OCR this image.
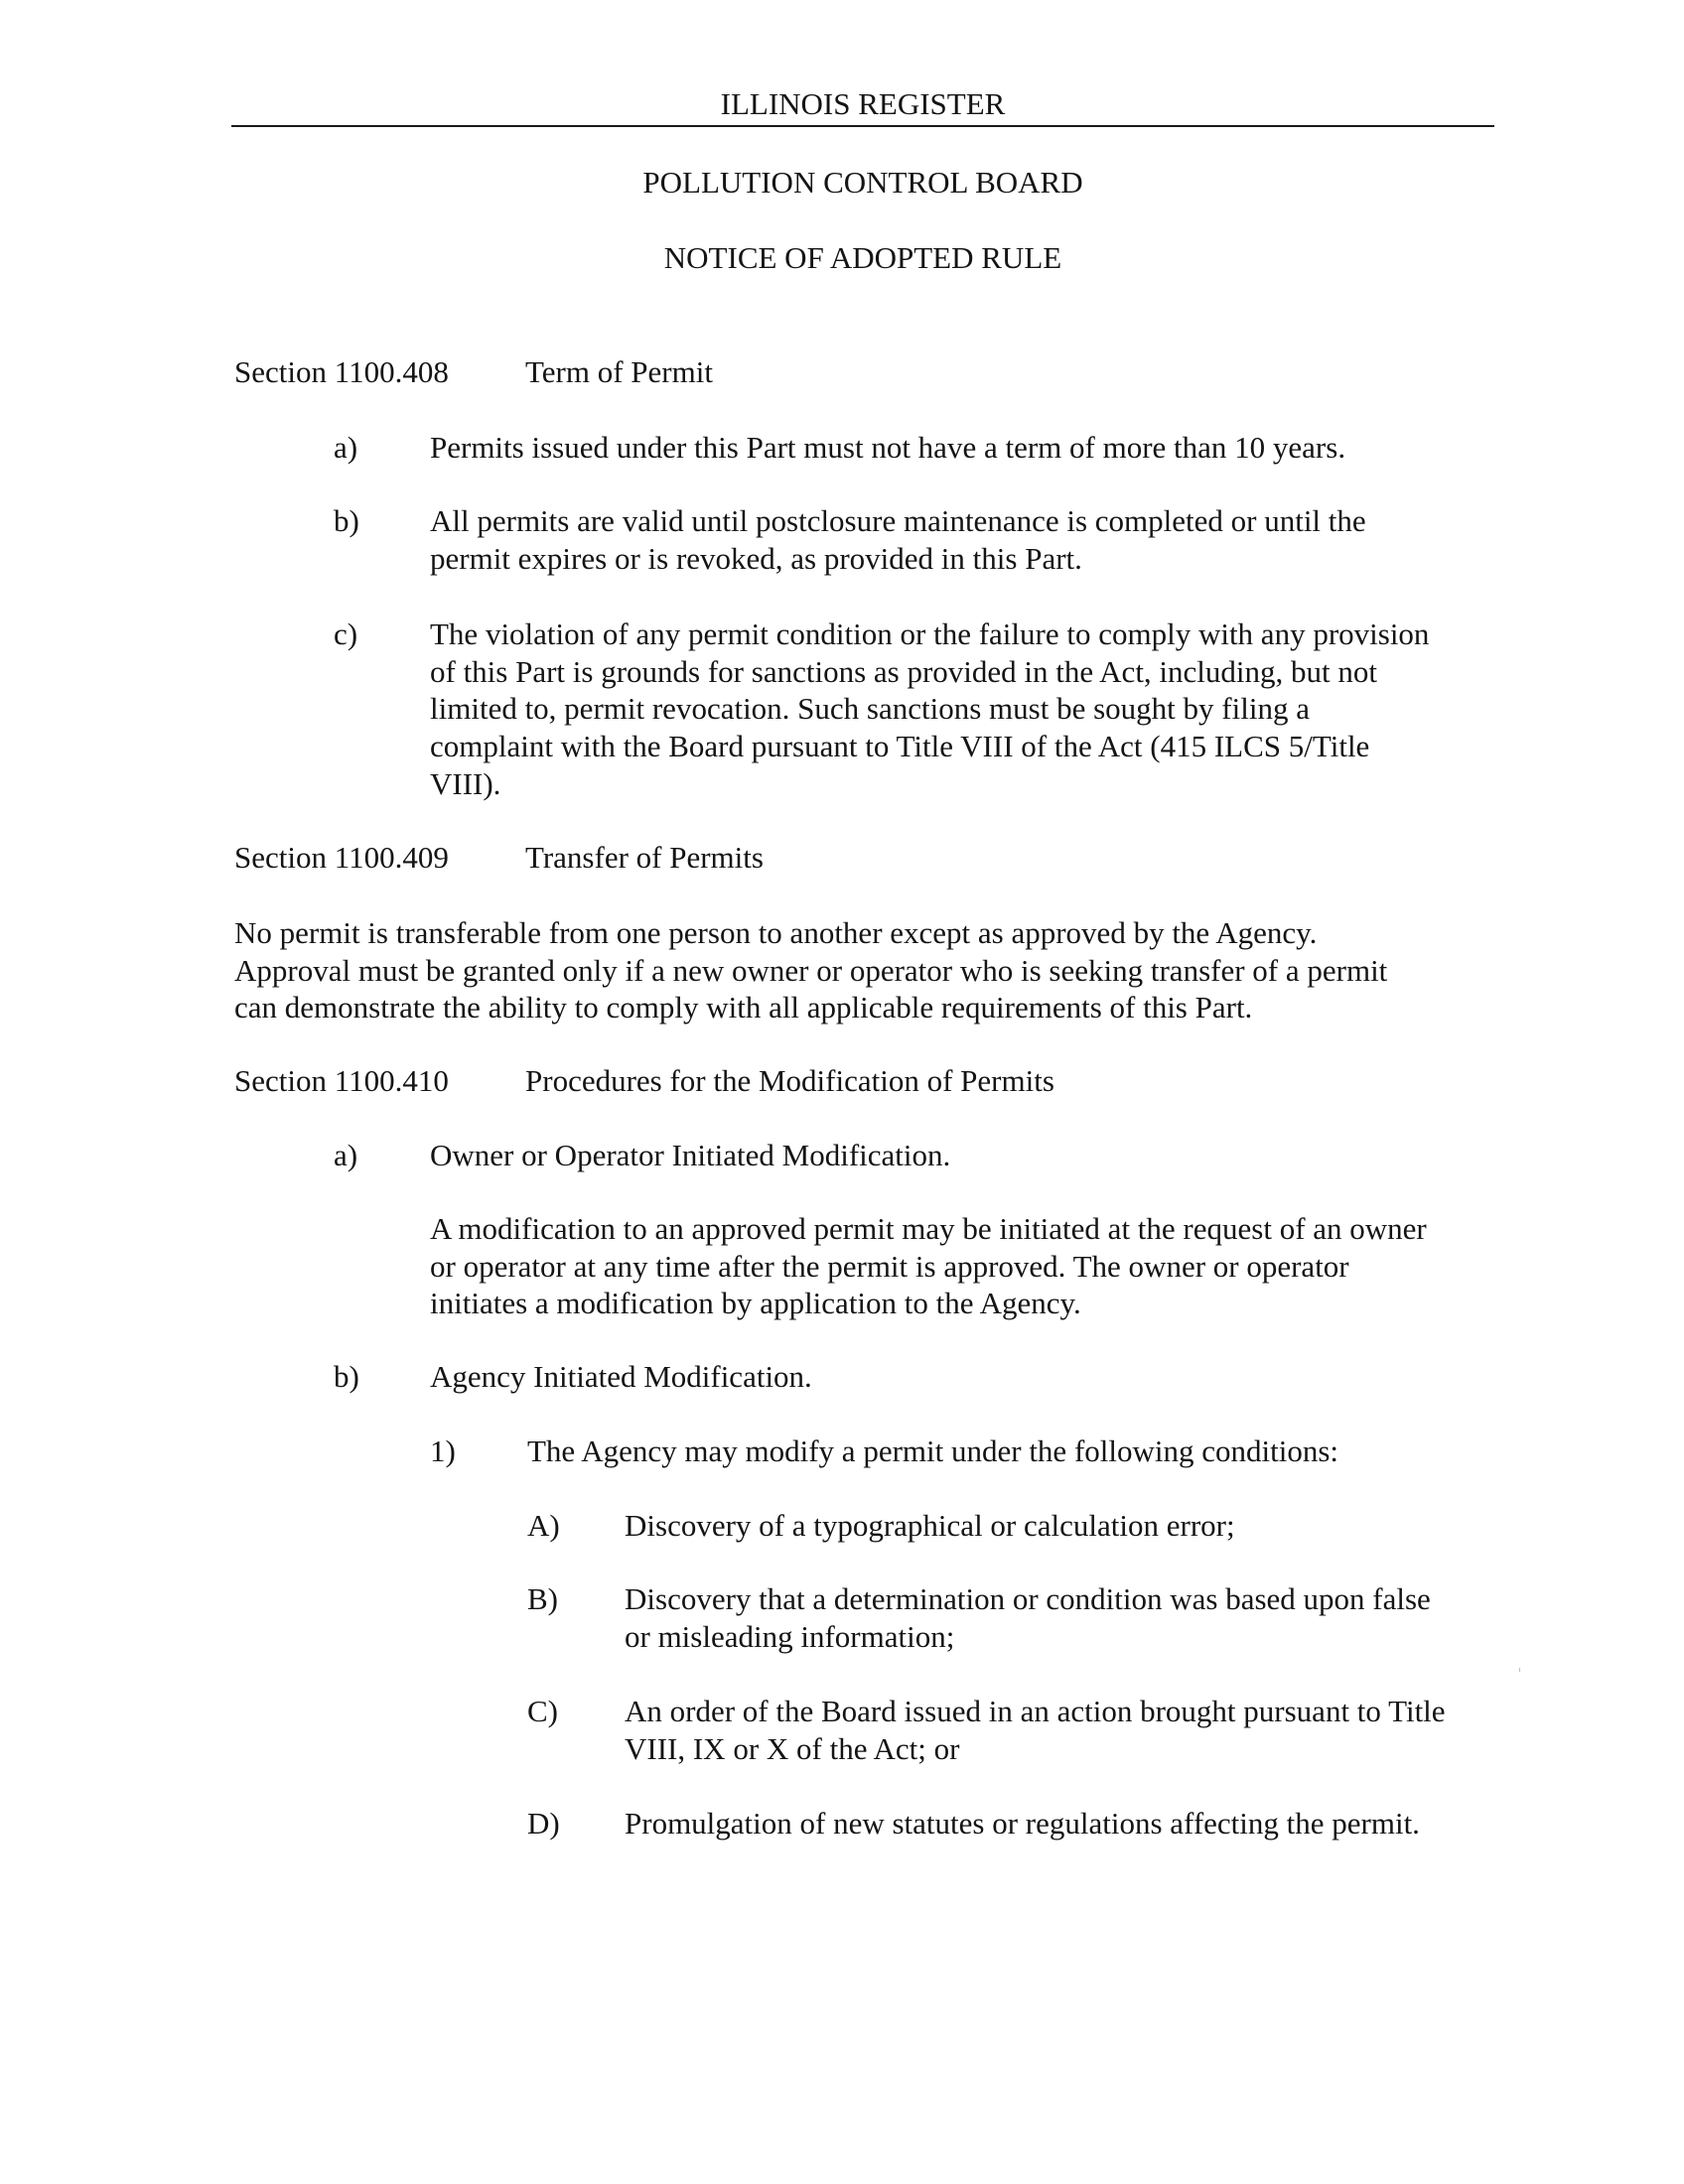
ILLINOIS REGISTER
POLLUTION CONTROL BOARD
NOTICE OF ADOPTED RULE
Section 1100.408 Term of Permit
a) Permits issued under this Part must not have a term of more than 10 years.
b) All permits are valid until postclosure maintenance is completed or until the
permit expires or is revoked, as provided in this Part.
c) The violation of any permit condition or the failure to comply with any provision
of this Part is grounds for sanctions as provided in the Act, including, but not
limited to, permit revocation. Such sanctions must be sought by filing a
complaint with the Board pursuant to Title VIII of the Act (415 ILCS 5/Title
VIII).
Section 1100.409 Transfer of Permits
No permit is transferable from one person to another except as approved by the Agency.
Approval must be granted only if a new owner or operator who is seeking transfer of a permit
can demonstrate the ability to comply with all applicable requirements of this Part.
Section 1100.410 Procedures for the Modification of Permits
a) Owner or Operator Initiated Modification.
A modification to an approved permit may be initiated at the request of an owner
or operator at any time after the permit is approved. The owner or operator
initiates a modification by application to the Agency.
b) Agency Initiated Modification.
1) The Agency may modify a permit under the following conditions:
A) Discovery of a typographical or calculation error;
B) Discovery that a determination or condition was based upon false
or misleading information;
C) An order of the Board issued in an action brought pursuant to Title
VIII, IX or X of the Act; or
D) Promulgation of new statutes or regulations affecting the permit.
